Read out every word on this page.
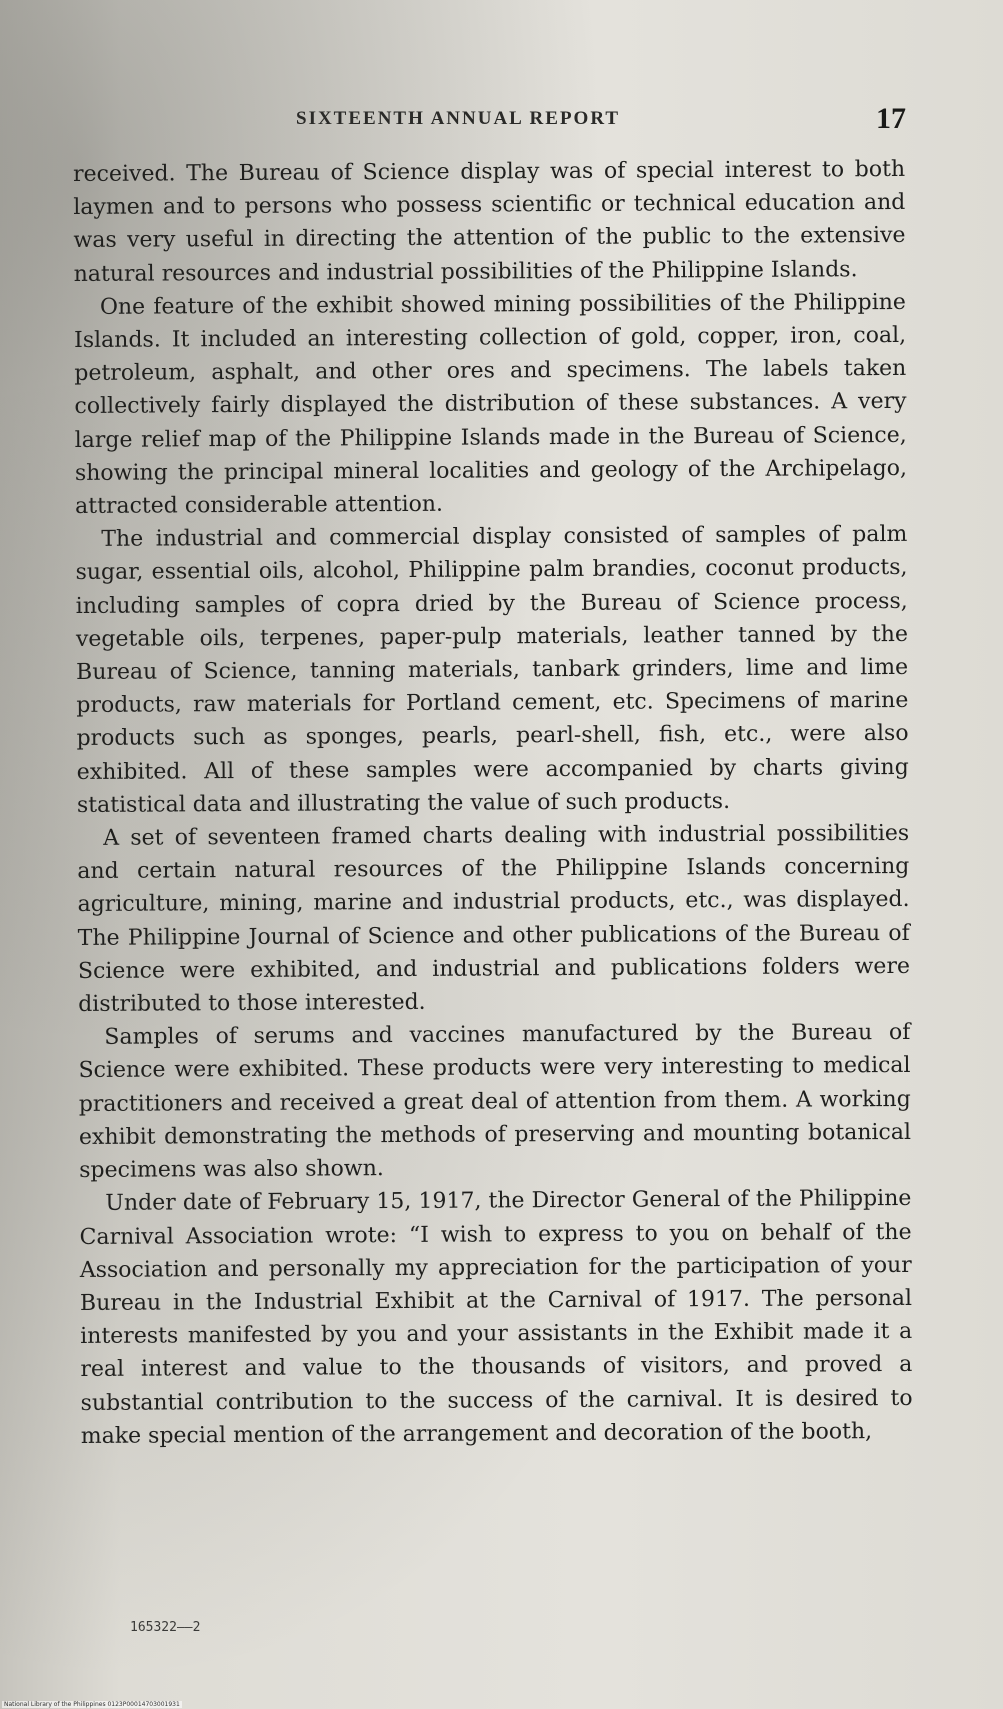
SIXTEENTH ANNUAL REPORT	17

received. The Bureau of Science display was of special interest to both laymen and to persons who possess scientific or technical education and was very useful in directing the attention of the public to the extensive natural resources and industrial possibilities of the Philippine Islands.

One feature of the exhibit showed mining possibilities of the Philippine Islands. It included an interesting collection of gold, copper, iron, coal, petroleum, asphalt, and other ores and specimens. The labels taken collectively fairly displayed the distribution of these substances. A very large relief map of the Philippine Islands made in the Bureau of Science, showing the principal mineral localities and geology of the Archipelago, attracted considerable attention.

The industrial and commercial display consisted of samples of palm sugar, essential oils, alcohol, Philippine palm brandies, coconut products, including samples of copra dried by the Bureau of Science process, vegetable oils, terpenes, paper-pulp materials, leather tanned by the Bureau of Science, tanning materials, tanbark grinders, lime and lime products, raw materials for Portland cement, etc. Specimens of marine products such as sponges, pearls, pearl-shell, fish, etc., were also exhibited. All of these samples were accompanied by charts giving statistical data and illustrating the value of such products.

A set of seventeen framed charts dealing with industrial possibilities and certain natural resources of the Philippine Islands concerning agriculture, mining, marine and industrial products, etc., was displayed. The Philippine Journal of Science and other publications of the Bureau of Science were exhibited, and industrial and publications folders were distributed to those interested.

Samples of serums and vaccines manufactured by the Bureau of Science were exhibited. These products were very interesting to medical practitioners and received a great deal of attention from them. A working exhibit demonstrating the methods of preserving and mounting botanical specimens was also shown.

Under date of February 15, 1917, the Director General of the Philippine Carnival Association wrote: “I wish to express to you on behalf of the Association and personally my appreciation for the participation of your Bureau in the Industrial Exhibit at the Carnival of 1917. The personal interests manifested by you and your assistants in the Exhibit made it a real interest and value to the thousands of visitors, and proved a substantial contribution to the success of the carnival. It is desired to make special mention of the arrangement and decoration of the booth,

165322——2
National Library of the Philippines 0123P00014703001931
